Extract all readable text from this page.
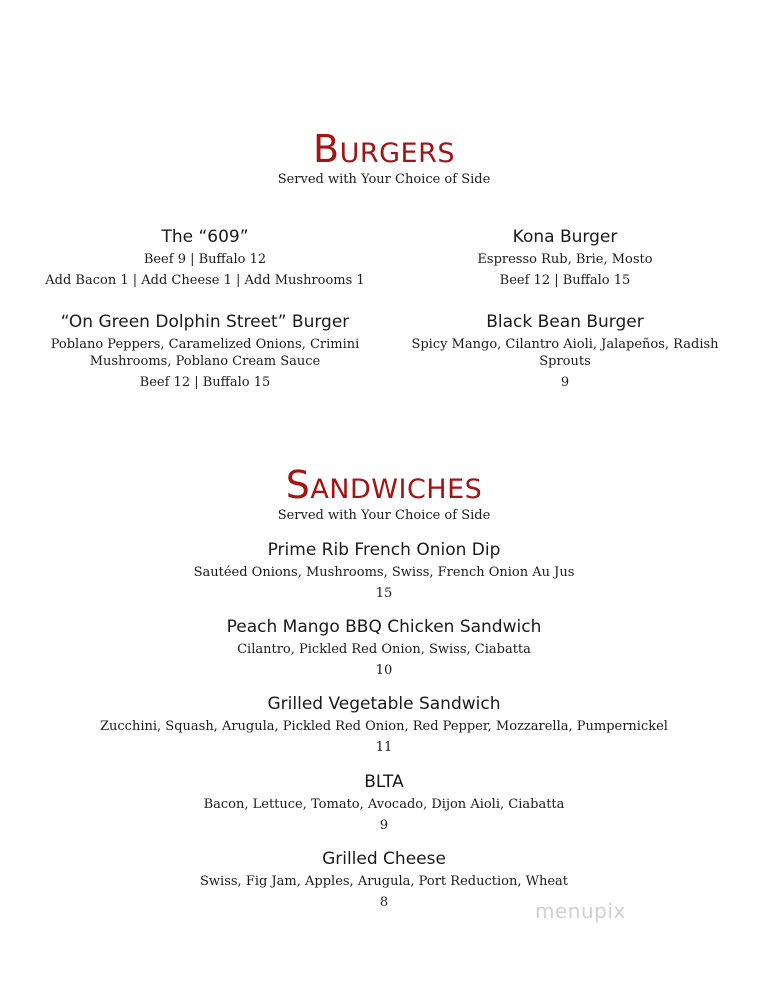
Burgers

Served with Your Choice of Side

The “609”

Beef 9 | Buffalo 12

Add Bacon 1 | Add Cheese 1 | Add Mushrooms 1

Kona Burger

Espresso Rub, Brie, Mosto

Beef 12 | Buffalo 15

“On Green Dolphin Street” Burger

Poblano Peppers, Caramelized Onions, Crimini Mushrooms, Poblano Cream Sauce

Beef 12 | Buffalo 15

Black Bean Burger

Spicy Mango, Cilantro Aioli, Jalapeños, Radish Sprouts

9

Sandwiches

Served with Your Choice of Side

Prime Rib French Onion Dip

Sautéed Onions, Mushrooms, Swiss, French Onion Au Jus

15

Peach Mango BBQ Chicken Sandwich

Cilantro, Pickled Red Onion, Swiss, Ciabatta

10

Grilled Vegetable Sandwich

Zucchini, Squash, Arugula, Pickled Red Onion, Red Pepper, Mozzarella, Pumpernickel

11

BLTA

Bacon, Lettuce, Tomato, Avocado, Dijon Aioli, Ciabatta

9

Grilled Cheese

Swiss, Fig Jam, Apples, Arugula, Port Reduction, Wheat

8	menupix
